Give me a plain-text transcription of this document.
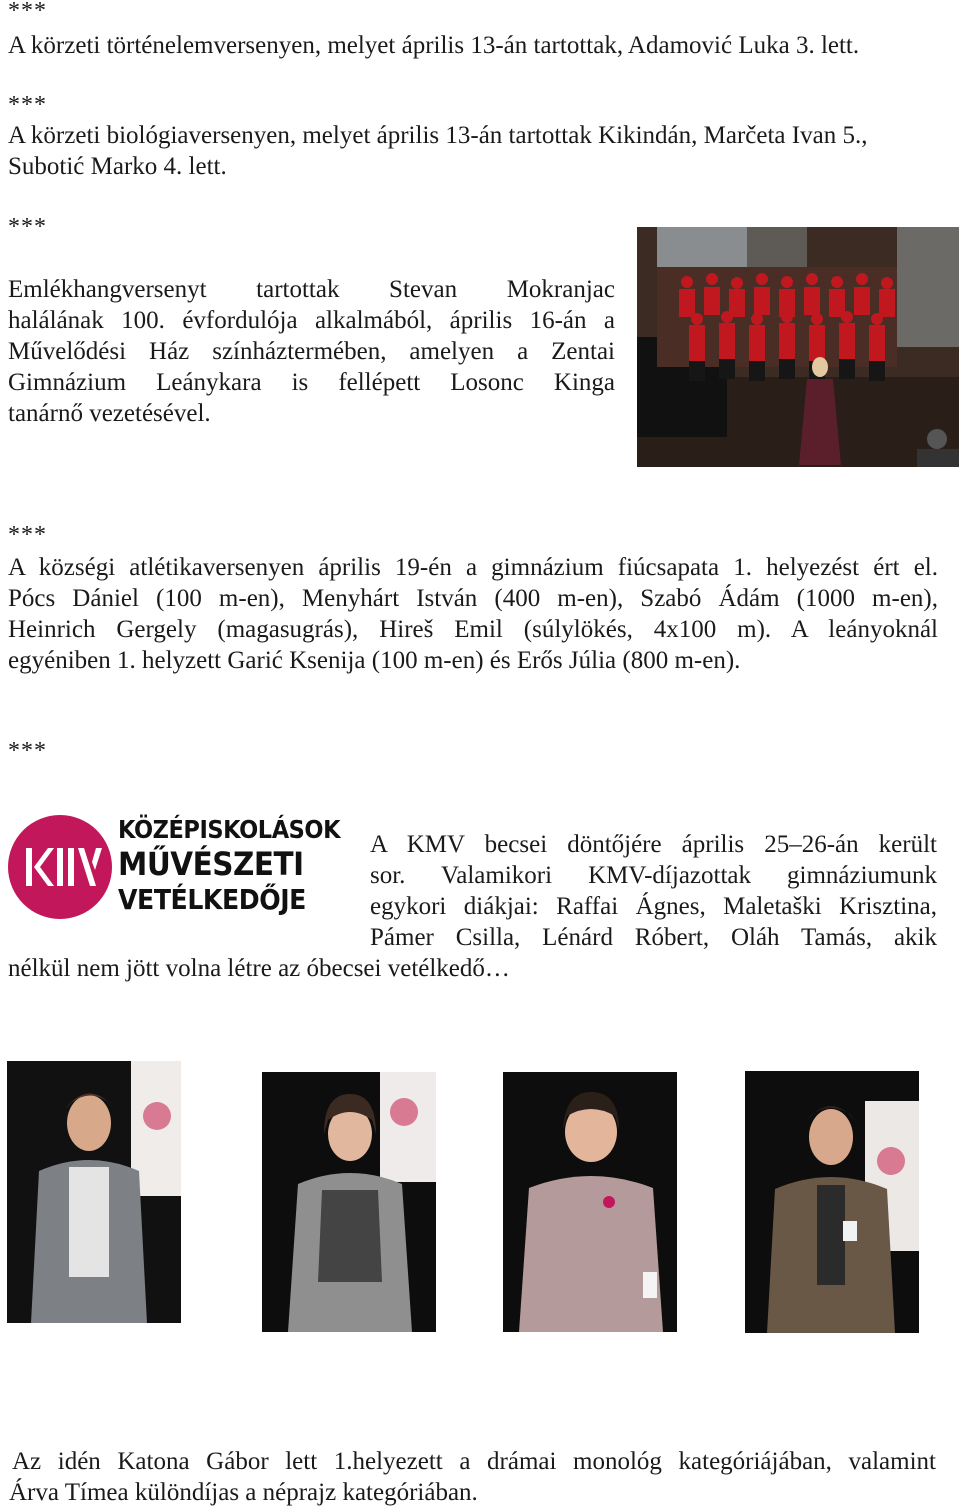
***
A körzeti történelemversenyen, melyet április 13-án tartottak, Adamović Luka 3. lett.
***
A körzeti biológiaversenyen, melyet április 13-án tartottak Kikindán, Marčeta Ivan 5.,
Subotić Marko 4. lett.
***
Emlékhangversenyt tartottak Stevan Mokranjac
halálának 100. évfordulója alkalmából, április 16-án a
Művelődési Ház színháztermében, amelyen a Zentai
Gimnázium Leánykara is fellépett Losonc Kinga
tanárnő vezetésével.
***
A községi atlétikaversenyen április 19-én a gimnázium fiúcsapata 1. helyezést ért el.
Pócs Dániel (100 m-en), Menyhárt István (400 m-en), Szabó Ádám (1000 m-en),
Heinrich Gergely (magasugrás), Hireš Emil (súlylökés, 4x100 m). A leányoknál
egyéniben 1. helyzett Garić Ksenija (100 m-en) és Erős Júlia (800 m-en).
***
KÖZÉPISKOLÁSOK
MŰVÉSZETI
VETÉLKEDŐJE
A KMV becsei döntőjére április 25–26-án került
sor. Valamikori KMV-díjazottak gimnáziumunk
egykori diákjai: Raffai Ágnes, Maletaški Krisztina,
Pámer Csilla, Lénárd Róbert, Oláh Tamás, akik
nélkül nem jött volna létre az óbecsei vetélkedő…
Az idén Katona Gábor lett 1.helyezett a drámai monológ kategóriájában, valamint
Árva Tímea különdíjas a néprajz kategóriában.
